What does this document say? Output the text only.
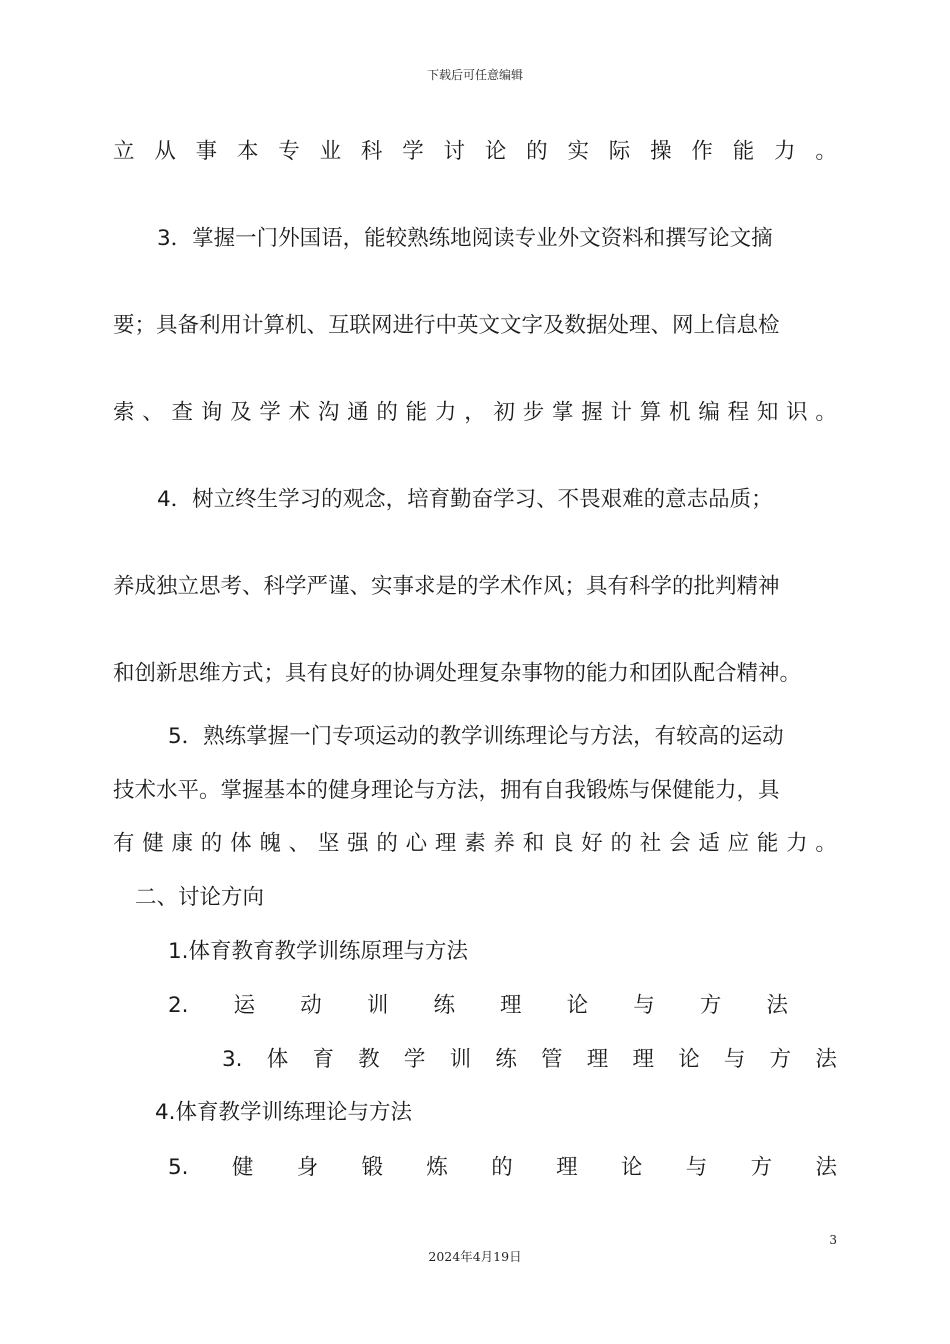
下载后可任意编辑
立 从 事 本 专 业 科 学 讨 论 的 实 际 操 作 能 力 。
3．掌握一门外国语，能较熟练地阅读专业外文资料和撰写论文摘
要；具备利用计算机、互联网进行中英文文字及数据处理、网上信息检
索 、 查 询 及 学 术 沟 通 的 能 力 ， 初 步 掌 握 计 算 机 编 程 知 识 。
4．树立终生学习的观念，培育勤奋学习、不畏艰难的意志品质；
养成独立思考、科学严谨、实事求是的学术作风；具有科学的批判精神
和创新思维方式；具有良好的协调处理复杂事物的能力和团队配合精神。
5．熟练掌握一门专项运动的教学训练理论与方法，有较高的运动
技术水平。掌握基本的健身理论与方法，拥有自我锻炼与保健能力，具
有 健 康 的 体 魄 、 坚 强 的 心 理 素 养 和 良 好 的 社 会 适 应 能 力 。
二、讨论方向
1.体育教育教学训练原理与方法
2. 运 动 训 练 理 论 与 方 法
3. 体 育 教 学 训 练 管 理 理 论 与 方 法
4.体育教学训练理论与方法
5. 健 身 锻 炼 的 理 论 与 方 法
3
2024年4月19日
